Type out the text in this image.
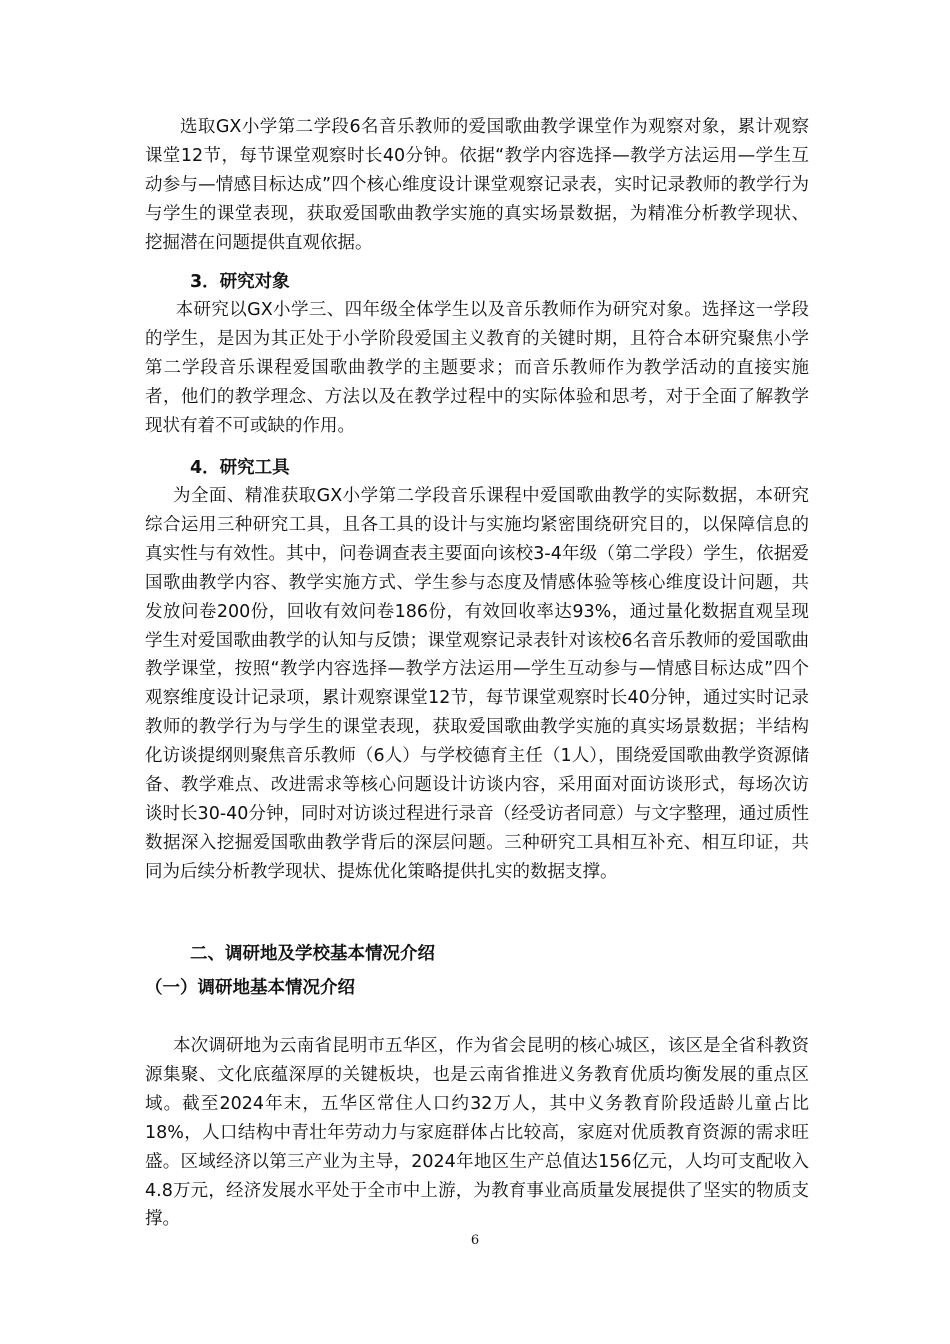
选取GX小学第二学段6名音乐教师的爱国歌曲教学课堂作为观察对象，累计观察课堂12节，每节课堂观察时长40分钟。依据“教学内容选择—教学方法运用—学生互动参与—情感目标达成”四个核心维度设计课堂观察记录表，实时记录教师的教学行为与学生的课堂表现，获取爱国歌曲教学实施的真实场景数据，为精准分析教学现状、挖掘潜在问题提供直观依据。

3．研究对象

本研究以GX小学三、四年级全体学生以及音乐教师作为研究对象。选择这一学段的学生，是因为其正处于小学阶段爱国主义教育的关键时期，且符合本研究聚焦小学第二学段音乐课程爱国歌曲教学的主题要求；而音乐教师作为教学活动的直接实施者，他们的教学理念、方法以及在教学过程中的实际体验和思考，对于全面了解教学现状有着不可或缺的作用。

4．研究工具

为全面、精准获取GX小学第二学段音乐课程中爱国歌曲教学的实际数据，本研究综合运用三种研究工具，且各工具的设计与实施均紧密围绕研究目的，以保障信息的真实性与有效性。其中，问卷调查表主要面向该校3-4年级（第二学段）学生，依据爱国歌曲教学内容、教学实施方式、学生参与态度及情感体验等核心维度设计问题，共发放问卷200份，回收有效问卷186份，有效回收率达93%，通过量化数据直观呈现学生对爱国歌曲教学的认知与反馈；课堂观察记录表针对该校6名音乐教师的爱国歌曲教学课堂，按照“教学内容选择—教学方法运用—学生互动参与—情感目标达成”四个观察维度设计记录项，累计观察课堂12节，每节课堂观察时长40分钟，通过实时记录教师的教学行为与学生的课堂表现，获取爱国歌曲教学实施的真实场景数据；半结构化访谈提纲则聚焦音乐教师（6人）与学校德育主任（1人），围绕爱国歌曲教学资源储备、教学难点、改进需求等核心问题设计访谈内容，采用面对面访谈形式，每场次访谈时长30-40分钟，同时对访谈过程进行录音（经受访者同意）与文字整理，通过质性数据深入挖掘爱国歌曲教学背后的深层问题。三种研究工具相互补充、相互印证，共同为后续分析教学现状、提炼优化策略提供扎实的数据支撑。

二、调研地及学校基本情况介绍
（一）调研地基本情况介绍

本次调研地为云南省昆明市五华区，作为省会昆明的核心城区，该区是全省科教资源集聚、文化底蕴深厚的关键板块，也是云南省推进义务教育优质均衡发展的重点区域。截至2024年末，五华区常住人口约32万人，其中义务教育阶段适龄儿童占比18%，人口结构中青壮年劳动力与家庭群体占比较高，家庭对优质教育资源的需求旺盛。区域经济以第三产业为主导，2024年地区生产总值达156亿元，人均可支配收入4.8万元，经济发展水平处于全市中上游，为教育事业高质量发展提供了坚实的物质支撑。

6
